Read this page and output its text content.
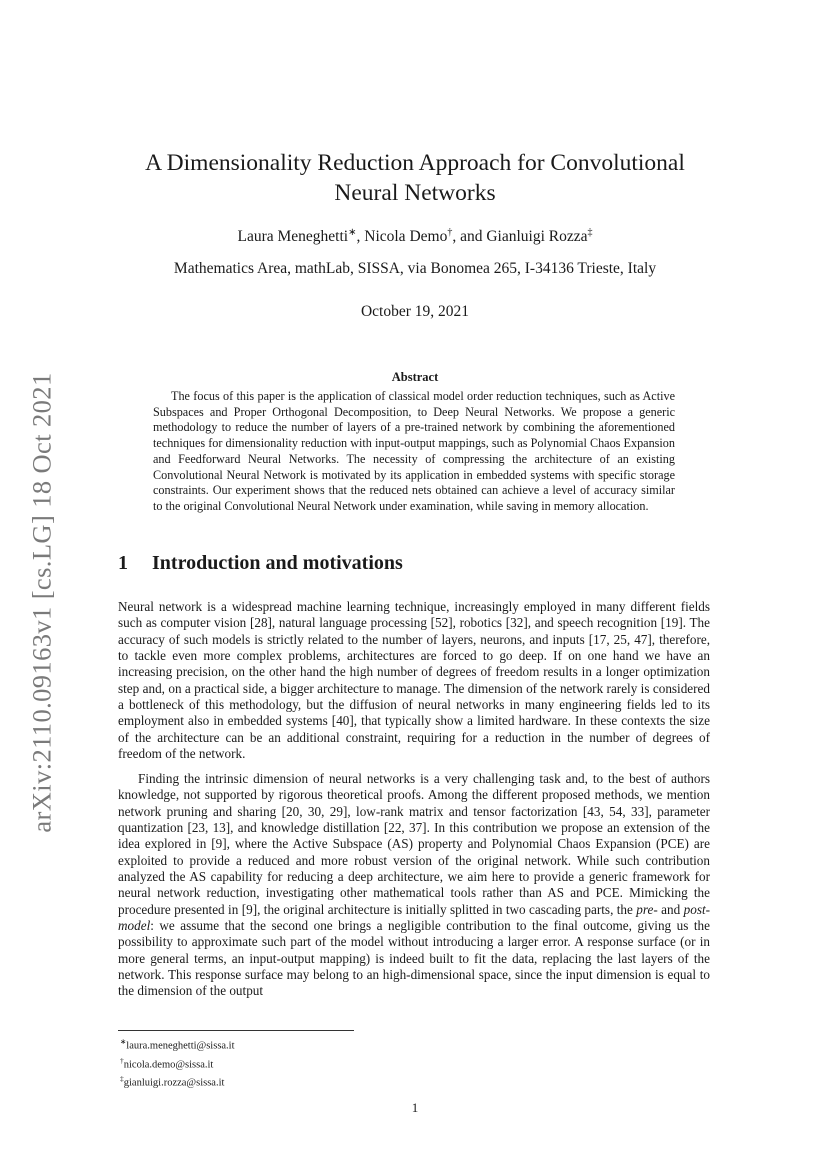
arXiv:2110.09163v1 [cs.LG] 18 Oct 2021
A Dimensionality Reduction Approach for Convolutional Neural Networks
Laura Meneghetti∗, Nicola Demo†, and Gianluigi Rozza‡
Mathematics Area, mathLab, SISSA, via Bonomea 265, I-34136 Trieste, Italy
October 19, 2021
Abstract

The focus of this paper is the application of classical model order reduction techniques, such as Active Subspaces and Proper Orthogonal Decomposition, to Deep Neural Networks. We propose a generic methodology to reduce the number of layers of a pre-trained network by combining the aforementioned techniques for dimensionality reduction with input-output mappings, such as Polynomial Chaos Expansion and Feedforward Neural Networks. The necessity of compressing the architecture of an existing Convolutional Neural Network is motivated by its application in embedded systems with specific storage constraints. Our experiment shows that the reduced nets obtained can achieve a level of accuracy similar to the original Convolutional Neural Network under examination, while saving in memory allocation.

1 Introduction and motivations

Neural network is a widespread machine learning technique, increasingly employed in many different fields such as computer vision [28], natural language processing [52], robotics [32], and speech recognition [19]. The accuracy of such models is strictly related to the number of layers, neurons, and inputs [17, 25, 47], therefore, to tackle even more complex problems, architectures are forced to go deep. If on one hand we have an increasing precision, on the other hand the high number of degrees of freedom results in a longer optimization step and, on a practical side, a bigger architecture to manage. The dimension of the network rarely is considered a bottleneck of this methodology, but the diffusion of neural networks in many engineering fields led to its employment also in embedded systems [40], that typically show a limited hardware. In these contexts the size of the architecture can be an additional constraint, requiring for a reduction in the number of degrees of freedom of the network.

Finding the intrinsic dimension of neural networks is a very challenging task and, to the best of authors knowledge, not supported by rigorous theoretical proofs. Among the different proposed methods, we mention network pruning and sharing [20, 30, 29], low-rank matrix and tensor factorization [43, 54, 33], parameter quantization [23, 13], and knowledge distillation [22, 37]. In this contribution we propose an extension of the idea explored in [9], where the Active Subspace (AS) property and Polynomial Chaos Expansion (PCE) are exploited to provide a reduced and more robust version of the original network. While such contribution analyzed the AS capability for reducing a deep architecture, we aim here to provide a generic framework for neural network reduction, investigating other mathematical tools rather than AS and PCE. Mimicking the procedure presented in [9], the original architecture is initially splitted in two cascading parts, the pre- and post-model: we assume that the second one brings a negligible contribution to the final outcome, giving us the possibility to approximate such part of the model without introducing a larger error. A response surface (or in more general terms, an input-output mapping) is indeed built to fit the data, replacing the last layers of the network. This response surface may belong to an high-dimensional space, since the input dimension is equal to the dimension of the output

∗laura.meneghetti@sissa.it
†nicola.demo@sissa.it
‡gianluigi.rozza@sissa.it
1
